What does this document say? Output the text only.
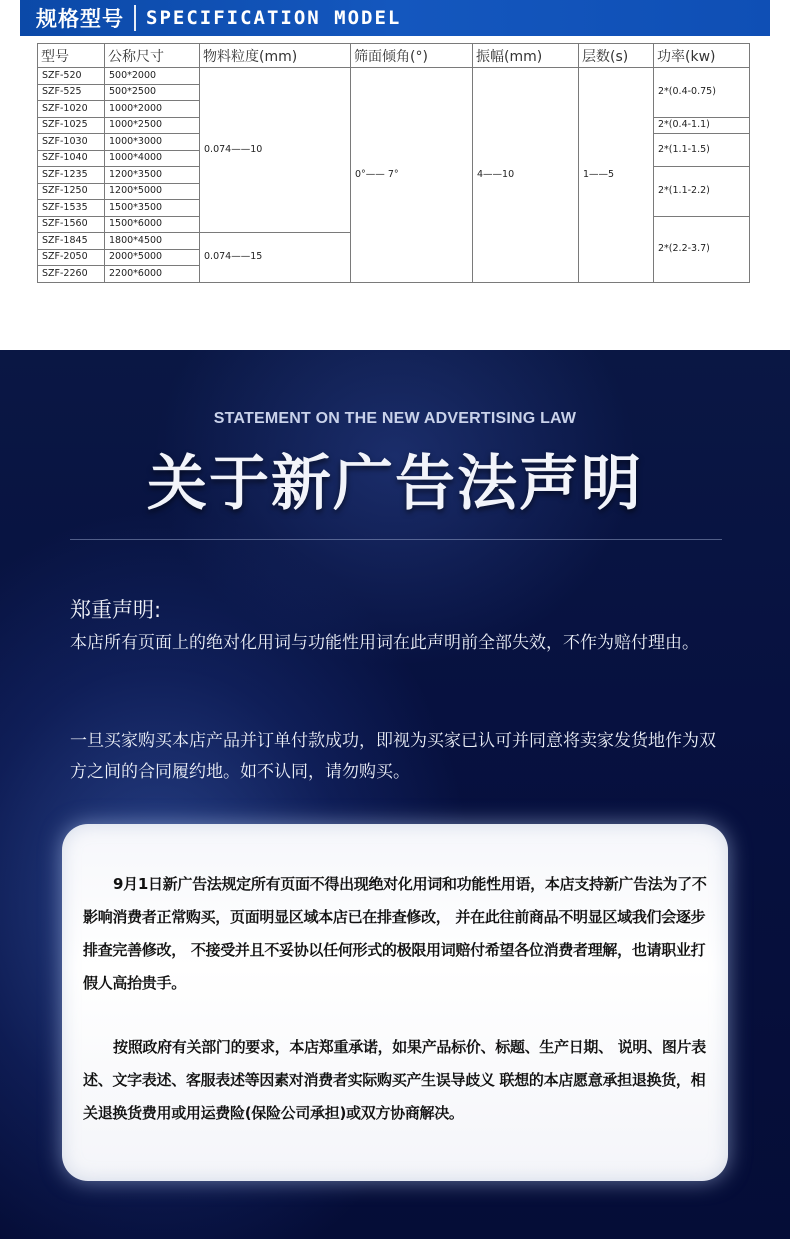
规格型号 SPECIFICATION MODEL
型号	公称尺寸	物料粒度(mm)	筛面倾角(°)	振幅(mm)	层数(s)	功率(kw)
SZF-520	500*2000	0.074——10	0°—— 7°	4——10	1——5	2*(0.4-0.75)
SZF-525	500*2500					
SZF-1020	1000*2000					
SZF-1025	1000*2500					2*(0.4-1.1)
SZF-1030	1000*3000					2*(1.1-1.5)
SZF-1040	1000*4000					
SZF-1235	1200*3500					2*(1.1-2.2)
SZF-1250	1200*5000					
SZF-1535	1500*3500					
SZF-1560	1500*6000					2*(2.2-3.7)
SZF-1845	1800*4500	0.074——15				
SZF-2050	2000*5000					
SZF-2260	2200*6000					
STATEMENT ON THE NEW ADVERTISING LAW
关于新广告法声明
郑重声明:

本店所有页面上的绝对化用词与功能性用词在此声明前全部失效，不作为赔付理由。

一旦买家购买本店产品并订单付款成功，即视为买家已认可并同意将卖家发货地作为双方之间的合同履约地。如不认同，请勿购买。

9月1日新广告法规定所有页面不得出现绝对化用词和功能性用语，本店支持新广告法为了不影响消费者正常购买，页面明显区域本店已在排查修改， 并在此往前商品不明显区域我们会逐步排查完善修改， 不接受并且不妥协以任何形式的极限用词赔付希望各位消费者理解，也请职业打假人高抬贵手。

按照政府有关部门的要求，本店郑重承诺，如果产品标价、标题、生产日期、 说明、图片表述、文字表述、客服表述等因素对消费者实际购买产生误导歧义 联想的本店愿意承担退换货，相关退换货费用或用运费险(保险公司承担)或双方协商解决。
